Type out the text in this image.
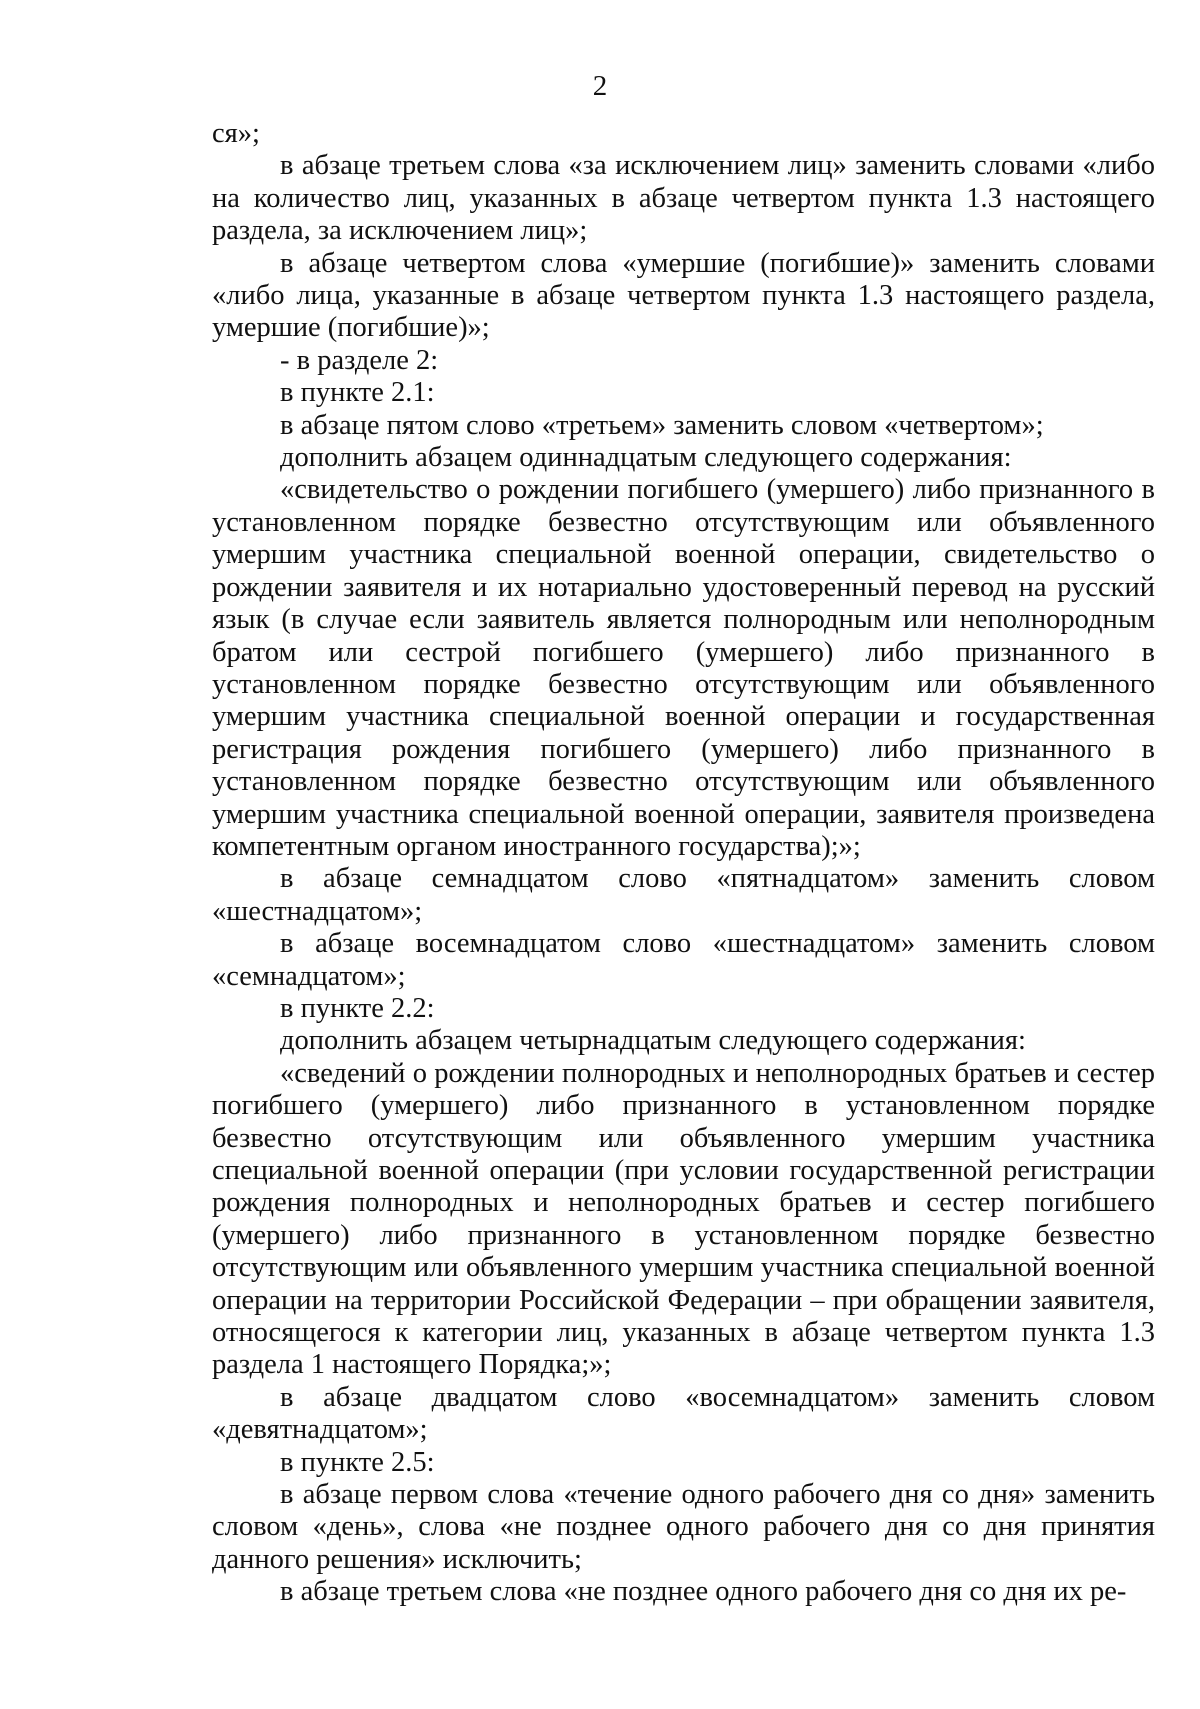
2

ся»;

в абзаце третьем слова «за исключением лиц» заменить словами «либо на количество лиц, указанных в абзаце четвертом пункта 1.3 настоящего раздела, за исключением лиц»;

в абзаце четвертом слова «умершие (погибшие)» заменить словами «либо лица, указанные в абзаце четвертом пункта 1.3 настоящего раздела, умершие (погибшие)»;

- в разделе 2:

в пункте 2.1:

в абзаце пятом слово «третьем» заменить словом «четвертом»;

дополнить абзацем одиннадцатым следующего содержания:

«свидетельство о рождении погибшего (умершего) либо признанного в установленном порядке безвестно отсутствующим или объявленного умершим участника специальной военной операции, свидетельство о рождении заявителя и их нотариально удостоверенный перевод на русский язык (в случае если заявитель является полнородным или неполнородным братом или сестрой погибшего (умершего) либо признанного в установленном порядке безвестно отсутствующим или объявленного умершим участника специальной военной операции и государственная регистрация рождения погибшего (умершего) либо признанного в установленном порядке безвестно отсутствующим или объявленного умершим участника специальной военной операции, заявителя произведена компетентным органом иностранного государства);»;

в абзаце семнадцатом слово «пятнадцатом» заменить словом «шестнадцатом»;

в абзаце восемнадцатом слово «шестнадцатом» заменить словом «семнадцатом»;

в пункте 2.2:

дополнить абзацем четырнадцатым следующего содержания:

«сведений о рождении полнородных и неполнородных братьев и сестер погибшего (умершего) либо признанного в установленном порядке безвестно отсутствующим или объявленного умершим участника специальной военной операции (при условии государственной регистрации рождения полнородных и неполнородных братьев и сестер погибшего (умершего) либо признанного в установленном порядке безвестно отсутствующим или объявленного умершим участника специальной военной операции на территории Российской Федерации – при обращении заявителя, относящегося к категории лиц, указанных в абзаце четвертом пункта 1.3 раздела 1 настоящего Порядка;»;

в абзаце двадцатом слово «восемнадцатом» заменить словом «девятнадцатом»;

в пункте 2.5:

в абзаце первом слова «течение одного рабочего дня со дня» заменить словом «день», слова «не позднее одного рабочего дня со дня принятия данного решения» исключить;

в абзаце третьем слова «не позднее одного рабочего дня со дня их ре-
